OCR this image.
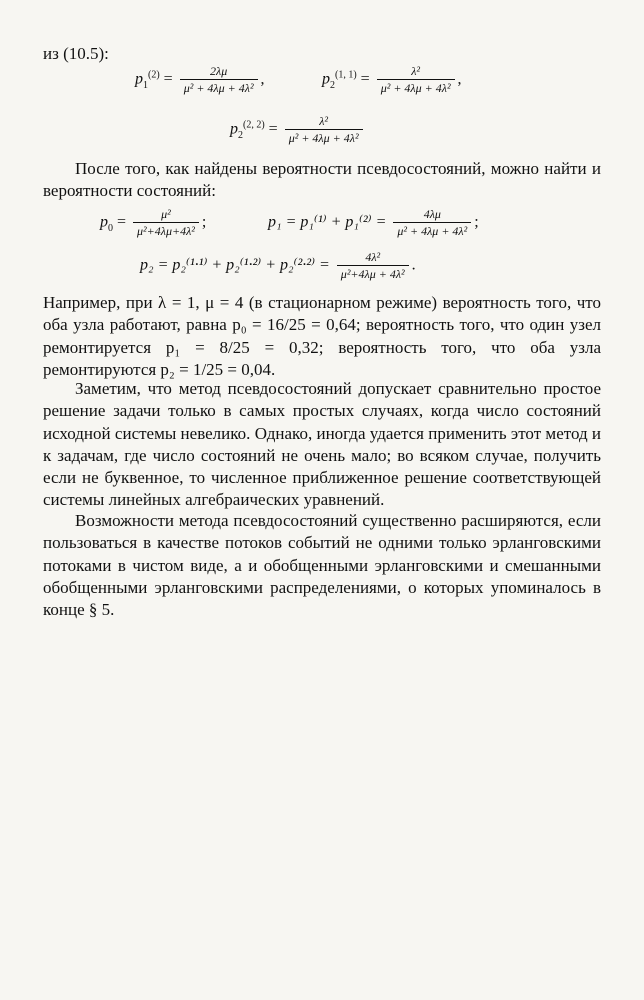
из (10.5):
$p_1^{(2)} = \frac{2\lambda\mu}{\text{μ² + 4λμ + 4λ²}}$ ,	$p_2^{(1, 1)} = \frac{\text{λ²}}{\text{μ² + 4λμ + 4λ²}}$ ,
$p_2^{(2, 2)} = \frac{\text{λ²}}{\text{μ² + 4λμ + 4λ²}}$

После того, как найдены вероятности псевдосостояний, можно найти и вероятности состояний:

$p_0 = \frac{\text{μ²}}{\text{μ²+4λμ+4λ²}}$ ;	$p_1 = p_1^{(1)} + p_1^{(2)} = \frac{4\lambda\mu}{\text{μ² + 4λμ + 4λ²}}$ ;
$p_2 = p_2^{(1}\cdot^{1)} + p_2^{(1}\cdot^{2)} + p_2^{(2}\cdot^{2)} = \frac{\text{4λ²}}{\text{μ²+4λμ + 4λ²}}$ .

Например, при λ = 1, μ = 4 (в стационарном режиме) вероятность того, что оба узла работают, равна p₀ = 16/25 = 0,64; вероятность того, что один узел ремонтируется p₁ = 8/25 = 0,32; вероятность того, что оба узла ремонтируются p₂ = 1/25 = 0,04.

Заметим, что метод псевдосостояний допускает сравнительно простое решение задачи только в самых простых случаях, когда число состояний исходной системы невелико. Однако, иногда удается применить этот метод и к задачам, где число состояний не очень мало; во всяком случае, получить если не буквенное, то численное приближенное решение соответствующей системы линейных алгебраических уравнений.

Возможности метода псевдосостояний существенно расширяются, если пользоваться в качестве потоков событий не одними только эрланговскими потоками в чистом виде, а и обобщенными эрланговскими и смешанными обобщенными эрланговскими распределениями, о которых упоминалось в конце § 5.
